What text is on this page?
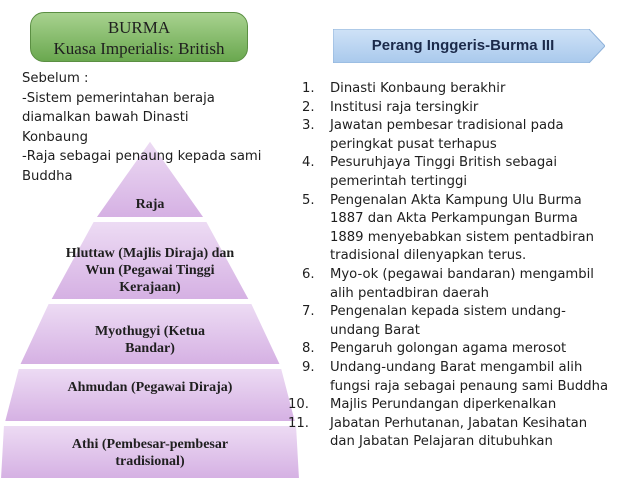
BURMA
Kuasa Imperialis: British	Perang Inggeris-Burma III
Sebelum :
-Sistem pemerintahan beraja
diamalkan bawah Dinasti
Konbaung
-Raja sebagai penaung kepada sami
Buddha
Raja
Hluttaw (Majlis Diraja) dan Wun (Pegawai Tinggi Kerajaan)
Myothugyi (Ketua Bandar)
Ahmudan (Pegawai Diraja)
Athi (Pembesar-pembesar tradisional)
1.	Dinasti Konbaung berakhir
2.	Institusi raja tersingkir
3.	Jawatan pembesar tradisional pada
peringkat pusat terhapus
4.	Pesuruhjaya Tinggi British sebagai
pemerintah tertinggi
5.	Pengenalan Akta Kampung Ulu Burma
1887 dan Akta Perkampungan Burma
1889 menyebabkan sistem pentadbiran
tradisional dilenyapkan terus.
6.	Myo-ok (pegawai bandaran) mengambil
alih pentadbiran daerah
7.	Pengenalan kepada sistem undang-
undang Barat
8.	Pengaruh golongan agama merosot
9.	Undang-undang Barat mengambil alih
fungsi raja sebagai penaung sami Buddha
10.	Majlis Perundangan diperkenalkan
11.	Jabatan Perhutanan, Jabatan Kesihatan
dan Jabatan Pelajaran ditubuhkan
